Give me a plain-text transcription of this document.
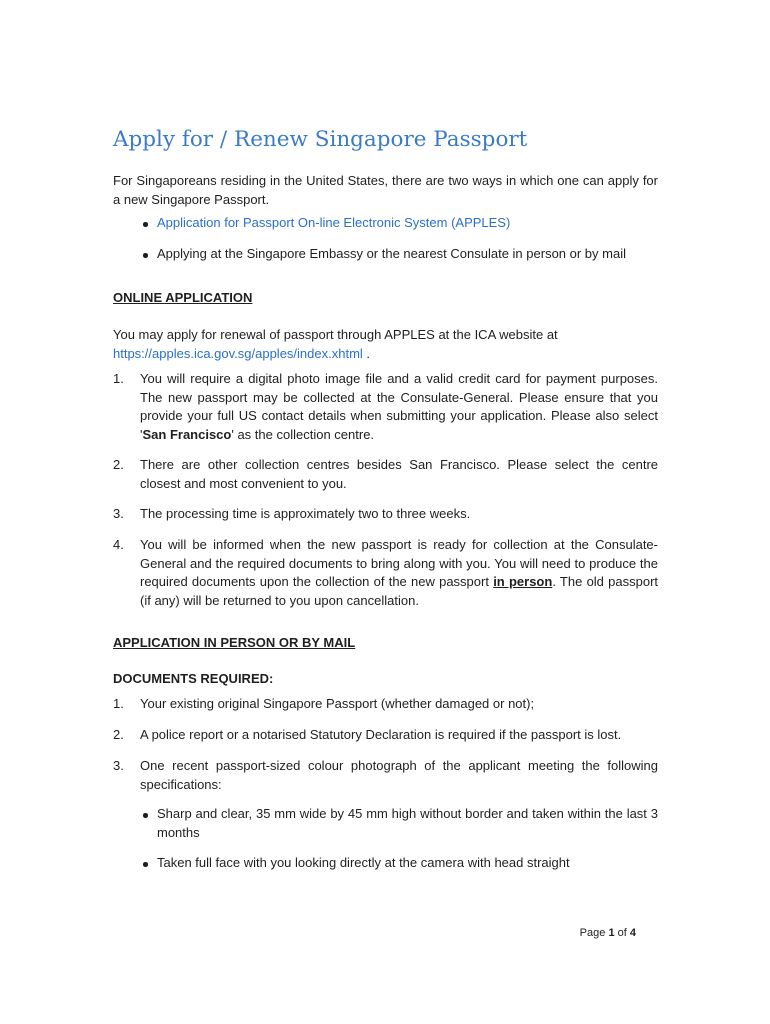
Apply for / Renew Singapore Passport
For Singaporeans residing in the United States, there are two ways in which one can apply for a new Singapore Passport.
Application for Passport On-line Electronic System (APPLES)
Applying at the Singapore Embassy or the nearest Consulate in person or by mail
ONLINE APPLICATION
You may apply for renewal of passport through APPLES at the ICA website at
https://apples.ica.gov.sg/apples/index.xhtml .
1. You will require a digital photo image file and a valid credit card for payment purposes. The new passport may be collected at the Consulate-General. Please ensure that you provide your full US contact details when submitting your application. Please also select 'San Francisco' as the collection centre.
2. There are other collection centres besides San Francisco. Please select the centre closest and most convenient to you.
3. The processing time is approximately two to three weeks.
4. You will be informed when the new passport is ready for collection at the Consulate-General and the required documents to bring along with you. You will need to produce the required documents upon the collection of the new passport in person. The old passport (if any) will be returned to you upon cancellation.
APPLICATION IN PERSON OR BY MAIL
DOCUMENTS REQUIRED:
1. Your existing original Singapore Passport (whether damaged or not);
2. A police report or a notarised Statutory Declaration is required if the passport is lost.
3. One recent passport-sized colour photograph of the applicant meeting the following specifications:
Sharp and clear, 35 mm wide by 45 mm high without border and taken within the last 3 months
Taken full face with you looking directly at the camera with head straight
Page 1 of 4
